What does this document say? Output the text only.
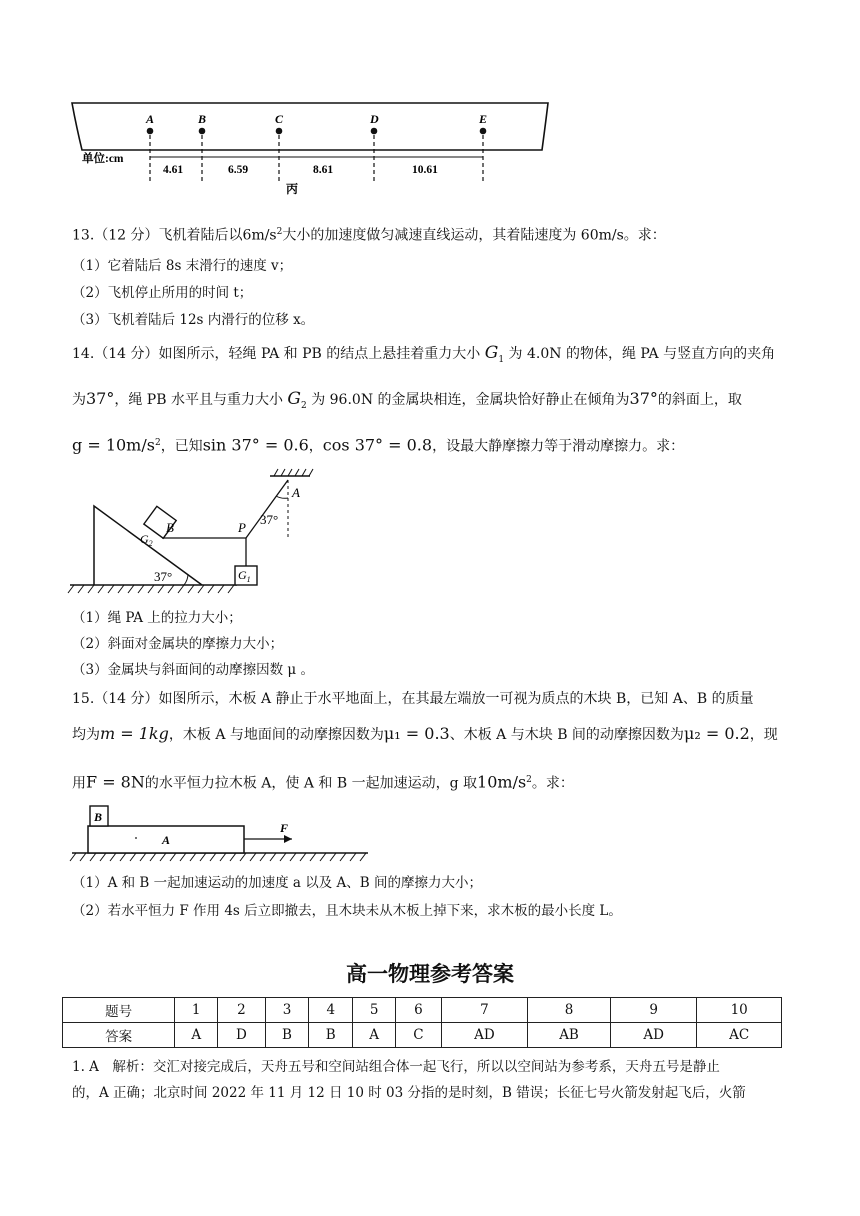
A	B	C	D	E
单位:cm
4.61	6.59	8.61	10.61
丙
13.（12 分）飞机着陆后以$6m/s^2$大小的加速度做匀减速直线运动，其着陆速度为 60m/s。求：
（1）它着陆后 8s 末滑行的速度 v；
（2）飞机停止所用的时间 t；
（3）飞机着陆后 12s 内滑行的位移 x。
14.（14 分）如图所示，轻绳 PA 和 PB 的结点上悬挂着重力大小 $G_1$ 为 4.0N 的物体，绳 PA 与竖直方向的夹角
为37°，绳 PB 水平且与重力大小 $G_2$ 为 96.0N 的金属块相连，金属块恰好静止在倾角为37°的斜面上，取
$g = 10m/s^2$，已知sin 37° = 0.6，cos 37° = 0.8，设最大静摩擦力等于滑动摩擦力。求：
37°
$G_2$
B	P
A
37°
$G_1$
（1）绳 PA 上的拉力大小；
（2）斜面对金属块的摩擦力大小；
（3）金属块与斜面间的动摩擦因数 μ 。
15.（14 分）如图所示，木板 A 静止于水平地面上，在其最左端放一可视为质点的木块 B，已知 A、B 的质量
均为m = 1kg，木板 A 与地面间的动摩擦因数为μ₁ = 0.3、木板 A 与木块 B 间的动摩擦因数为μ₂ = 0.2，现
用F = 8N的水平恒力拉木板 A，使 A 和 B 一起加速运动，g 取$10m/s^2$。求：
B
A
F
（1）A 和 B 一起加速运动的加速度 a 以及 A、B 间的摩擦力大小；
（2）若水平恒力 F 作用 4s 后立即撤去，且木块未从木板上掉下来，求木板的最小长度 L。
高一物理参考答案
题号	1	2	3	4	5	6	7	8	9	10
答案	A	D	B	B	A	C	AD	AB	AD	AC
1. A　解析：交汇对接完成后，天舟五号和空间站组合体一起飞行，所以以空间站为参考系，天舟五号是静止
的，A 正确；北京时间 2022 年 11 月 12 日 10 时 03 分指的是时刻，B 错误；长征七号火箭发射起飞后，火箭
